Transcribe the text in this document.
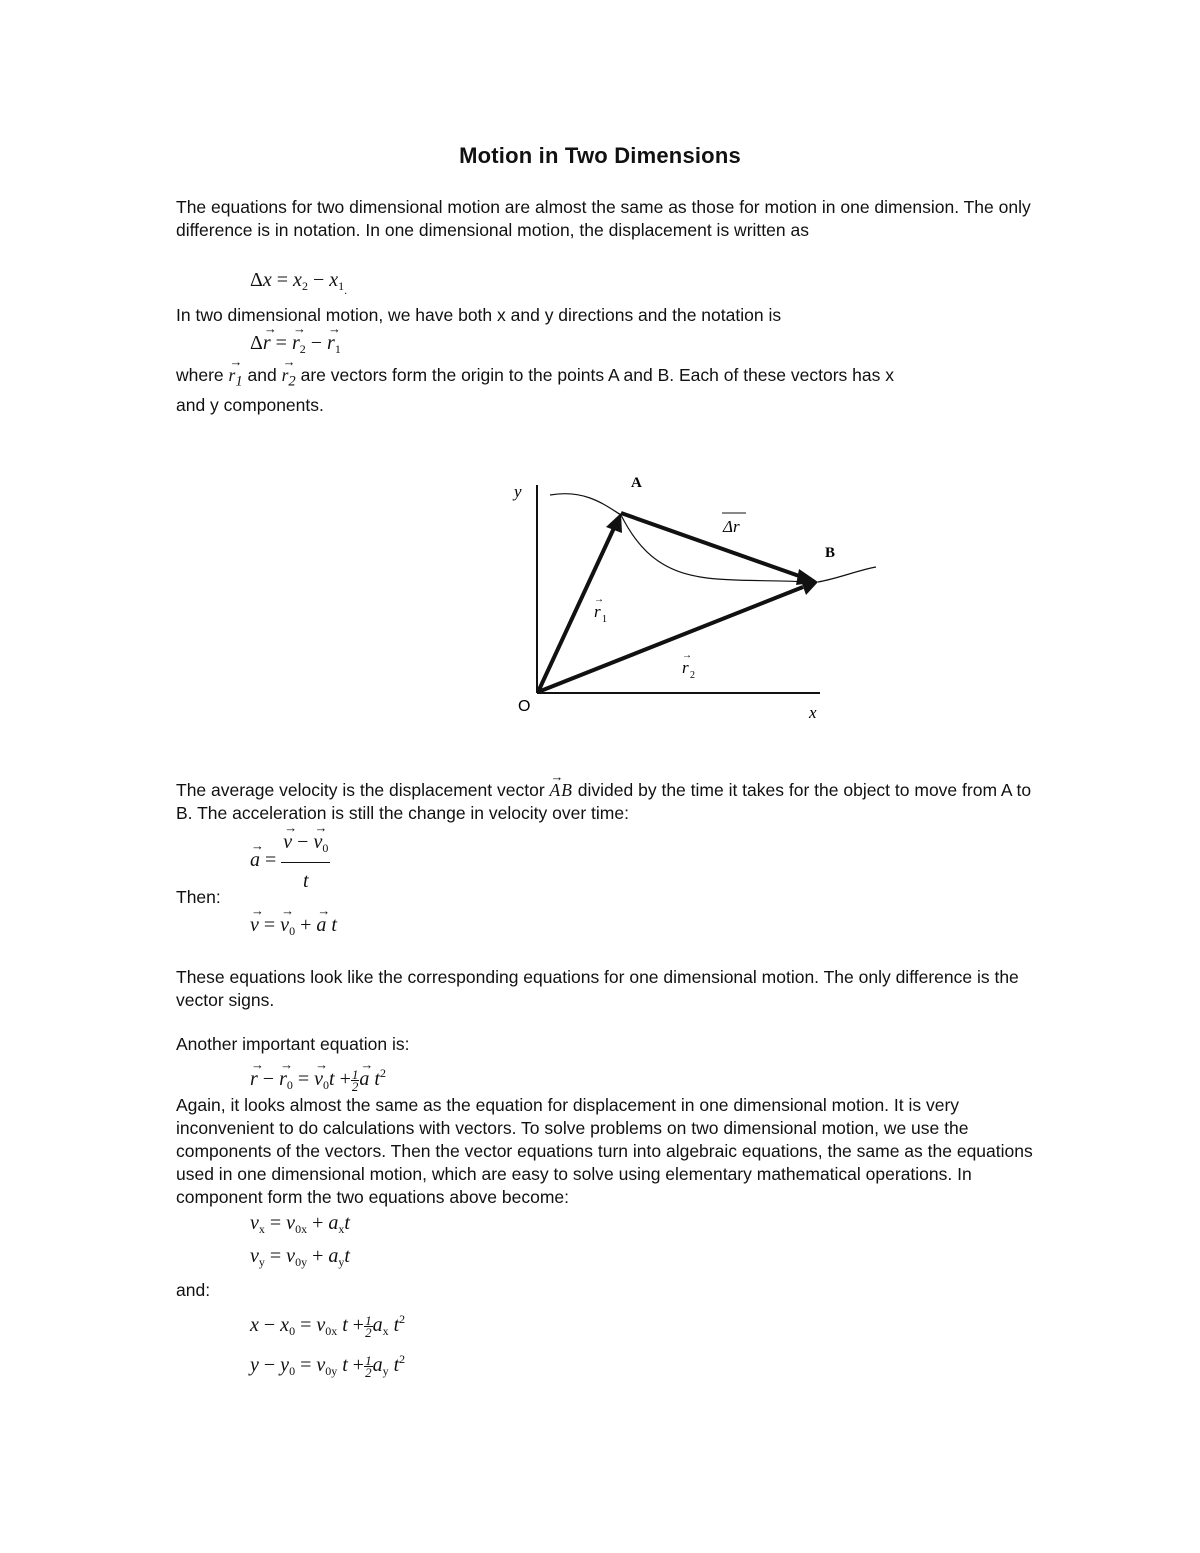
Motion in Two Dimensions
The equations for two dimensional motion are almost the same as those for motion in one dimension. The only difference is in notation. In one dimensional motion, the displacement is written as
$\Delta x = x_2 - x_{1.}$
In two dimensional motion, we have both x and y directions and the notation is
Δ→ r = → $r_2$ − → $r_1$
where → $r_1$ and → $r_2$ are vectors form the origin to the points A and B. Each of these vectors has x
and y components.
y
x
O
A
B
Δr
→
r 1
→
r 2
The average velocity is the displacement vector → AB divided by the time it takes for the object to move from A to B. The acceleration is still the change in velocity over time:
→ a =
→ $\frac{v - \to v_0}{t}$
Then:
→ v = → $v_0$ + → a t
These equations look like the corresponding equations for one dimensional motion. The only difference is the vector signs.
Another important equation is:
→ r − → $r_0$ = → $v_0t + \frac{1}{2}$
→ a $t^2$
Again, it looks almost the same as the equation for displacement in one dimensional motion. It is very inconvenient to do calculations with vectors. To solve problems on two dimensional motion, we use the components of the vectors. Then the vector equations turn into algebraic equations, the same as the equations used in one dimensional motion, which are easy to solve using elementary mathematical operations. In component form the two equations above become:
$v_x = v_{0x} + a_xt$
$v_y = v_{0y} + a_yt$
and:
$x - x_0 = v_{0x}$ $t + \frac{1}{2} a_x$ $t^2$
$y - y_0 = v_{0y}$ $t + \frac{1}{2} a_y$ $t^2$
